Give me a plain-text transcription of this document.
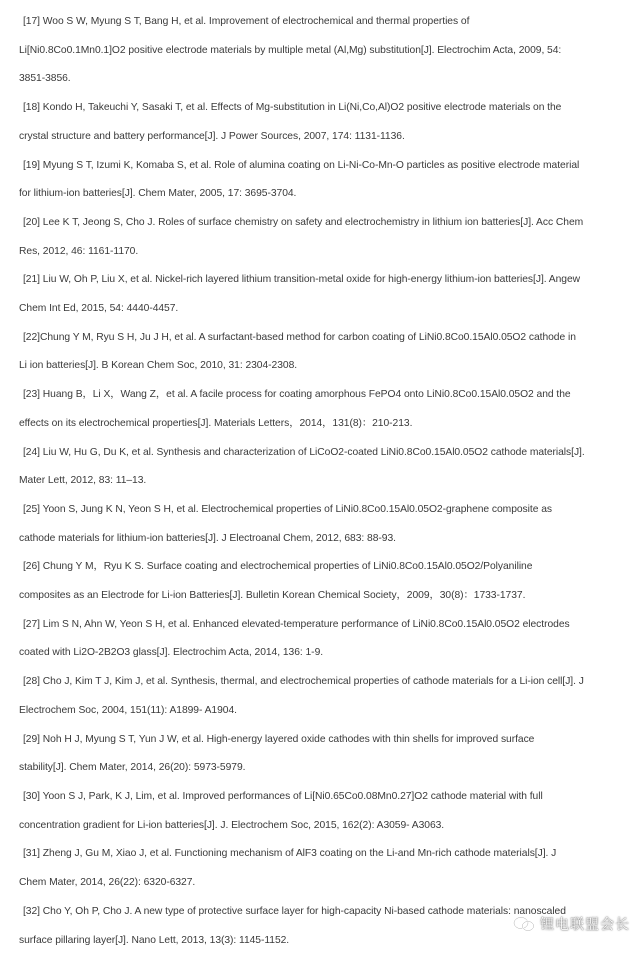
[17] Woo S W, Myung S T, Bang H, et al. Improvement of electrochemical and thermal properties of
Li[Ni0.8Co0.1Mn0.1]O2 positive electrode materials by multiple metal (Al,Mg) substitution[J]. Electrochim Acta, 2009, 54:
3851-3856.
[18] Kondo H, Takeuchi Y, Sasaki T, et al. Effects of Mg-substitution in Li(Ni,Co,Al)O2 positive electrode materials on the
crystal structure and battery performance[J]. J Power Sources, 2007, 174: 1131-1136.
[19] Myung S T, Izumi K, Komaba S, et al. Role of alumina coating on Li-Ni-Co-Mn-O particles as positive electrode material
for lithium-ion batteries[J]. Chem Mater, 2005, 17: 3695-3704.
[20] Lee K T, Jeong S, Cho J. Roles of surface chemistry on safety and electrochemistry in lithium ion batteries[J]. Acc Chem
Res, 2012, 46: 1161-1170.
[21] Liu W, Oh P, Liu X, et al. Nickel-rich layered lithium transition-metal oxide for high-energy lithium-ion batteries[J]. Angew
Chem Int Ed, 2015, 54: 4440-4457.
[22]Chung Y M, Ryu S H, Ju J H, et al. A surfactant-based method for carbon coating of LiNi0.8Co0.15Al0.05O2 cathode in
Li ion batteries[J]. B Korean Chem Soc, 2010, 31: 2304-2308.
[23] Huang B，Li X，Wang Z，et al. A facile process for coating amorphous FePO4 onto LiNi0.8Co0.15Al0.05O2 and the
effects on its electrochemical properties[J]. Materials Letters，2014，131(8)：210-213.
[24] Liu W, Hu G, Du K, et al. Synthesis and characterization of LiCoO2-coated LiNi0.8Co0.15Al0.05O2 cathode materials[J].
Mater Lett, 2012, 83: 11–13.
[25] Yoon S, Jung K N, Yeon S H, et al. Electrochemical properties of LiNi0.8Co0.15Al0.05O2-graphene composite as
cathode materials for lithium-ion batteries[J]. J Electroanal Chem, 2012, 683: 88-93.
[26] Chung Y M，Ryu K S. Surface coating and electrochemical properties of LiNi0.8Co0.15Al0.05O2/Polyaniline
composites as an Electrode for Li-ion Batteries[J]. Bulletin Korean Chemical Society，2009，30(8)：1733-1737.
[27] Lim S N, Ahn W, Yeon S H, et al. Enhanced elevated-temperature performance of LiNi0.8Co0.15Al0.05O2 electrodes
coated with Li2O-2B2O3 glass[J]. Electrochim Acta, 2014, 136: 1-9.
[28] Cho J, Kim T J, Kim J, et al. Synthesis, thermal, and electrochemical properties of cathode materials for a Li-ion cell[J]. J
Electrochem Soc, 2004, 151(11): A1899- A1904.
[29] Noh H J, Myung S T, Yun J W, et al. High-energy layered oxide cathodes with thin shells for improved surface
stability[J]. Chem Mater, 2014, 26(20): 5973-5979.
[30] Yoon S J, Park, K J, Lim, et al. Improved performances of Li[Ni0.65Co0.08Mn0.27]O2 cathode material with full
concentration gradient for Li-ion batteries[J]. J. Electrochem Soc, 2015, 162(2): A3059- A3063.
[31] Zheng J, Gu M, Xiao J, et al. Functioning mechanism of AlF3 coating on the Li-and Mn-rich cathode materials[J]. J
Chem Mater, 2014, 26(22): 6320-6327.
[32] Cho Y, Oh P, Cho J. A new type of protective surface layer for high-capacity Ni-based cathode materials: nanoscaled
surface pillaring layer[J]. Nano Lett, 2013, 13(3): 1145-1152.
锂电联盟会长
